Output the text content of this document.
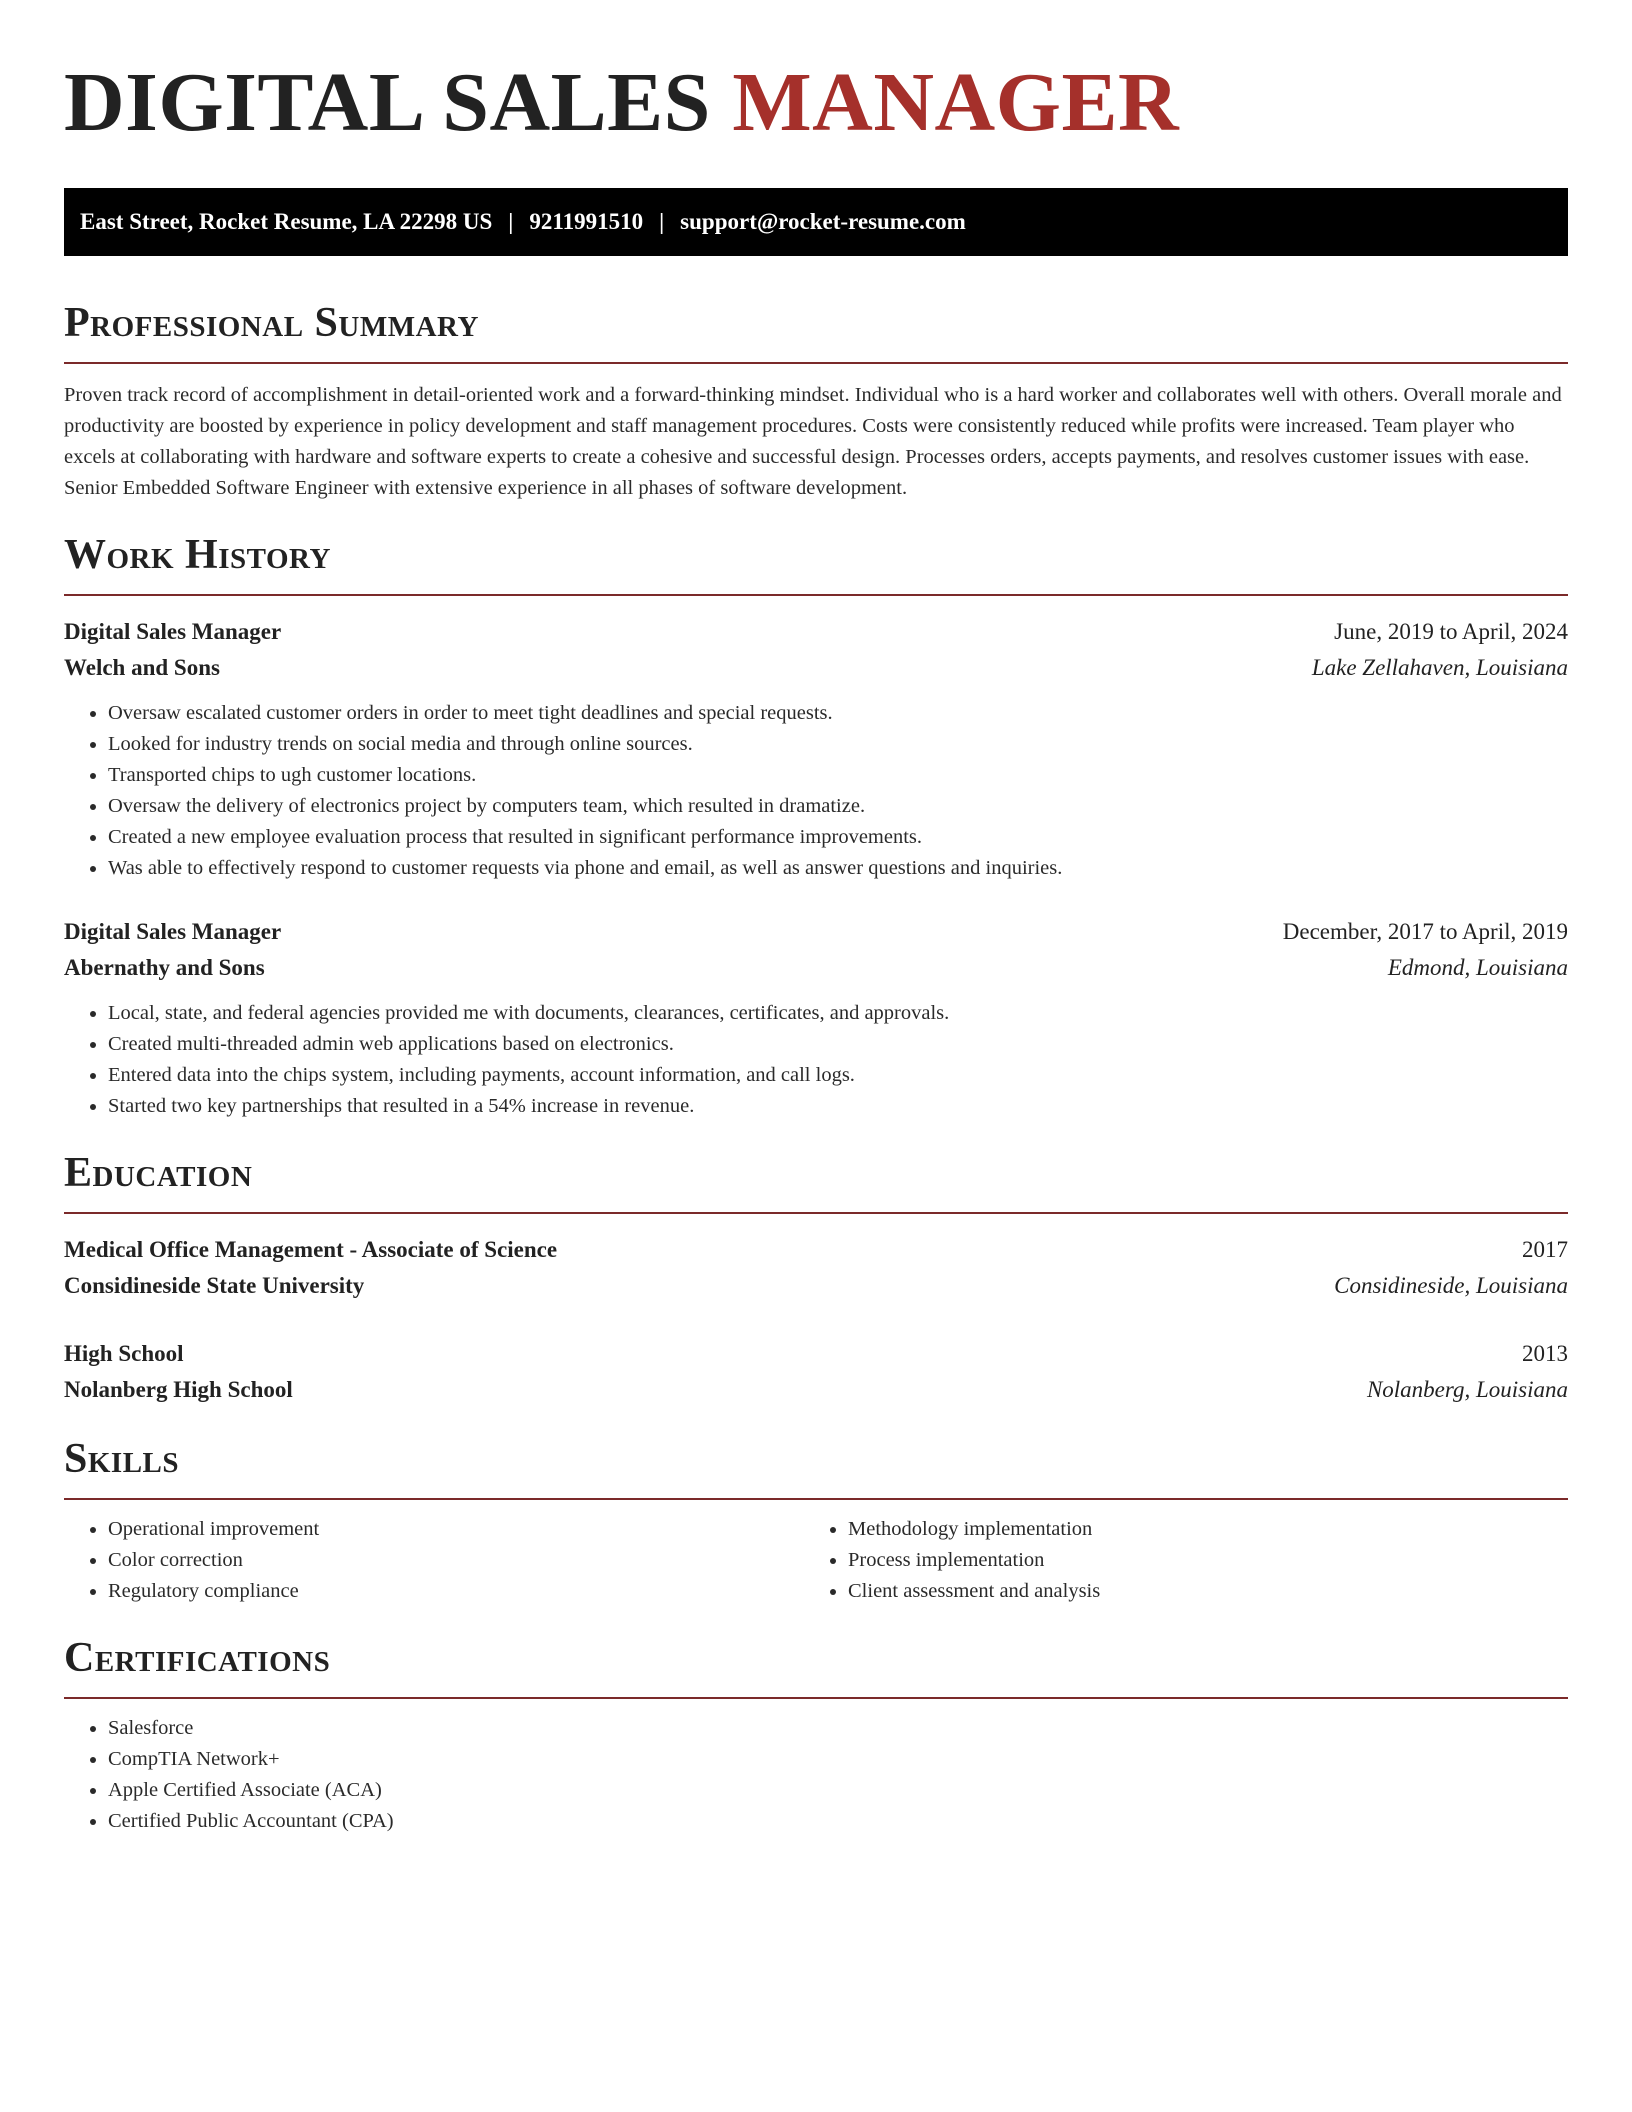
DIGITAL SALES MANAGER
East Street, Rocket Resume, LA 22298 US | 9211991510 | support@rocket-resume.com
Professional Summary

Proven track record of accomplishment in detail-oriented work and a forward-thinking mindset. Individual who is a hard worker and collaborates well with others. Overall morale and productivity are boosted by experience in policy development and staff management procedures. Costs were consistently reduced while profits were increased. Team player who excels at collaborating with hardware and software experts to create a cohesive and successful design. Processes orders, accepts payments, and resolves customer issues with ease. Senior Embedded Software Engineer with extensive experience in all phases of software development.

Work History
Digital Sales Manager	June, 2019 to April, 2024
Welch and Sons	Lake Zellahaven, Louisiana
• Oversaw escalated customer orders in order to meet tight deadlines and special requests.
• Looked for industry trends on social media and through online sources.
• Transported chips to ugh customer locations.
• Oversaw the delivery of electronics project by computers team, which resulted in dramatize.
• Created a new employee evaluation process that resulted in significant performance improvements.
• Was able to effectively respond to customer requests via phone and email, as well as answer questions and inquiries.
Digital Sales Manager	December, 2017 to April, 2019
Abernathy and Sons	Edmond, Louisiana
• Local, state, and federal agencies provided me with documents, clearances, certificates, and approvals.
• Created multi-threaded admin web applications based on electronics.
• Entered data into the chips system, including payments, account information, and call logs.
• Started two key partnerships that resulted in a 54% increase in revenue.
Education
Medical Office Management - Associate of Science	2017
Considineside State University	Considineside, Louisiana
High School	2013
Nolanberg High School	Nolanberg, Louisiana
Skills
• Operational improvement
• Color correction
• Regulatory compliance
• Methodology implementation
• Process implementation
• Client assessment and analysis
Certifications
• Salesforce
• CompTIA Network+
• Apple Certified Associate (ACA)
• Certified Public Accountant (CPA)
